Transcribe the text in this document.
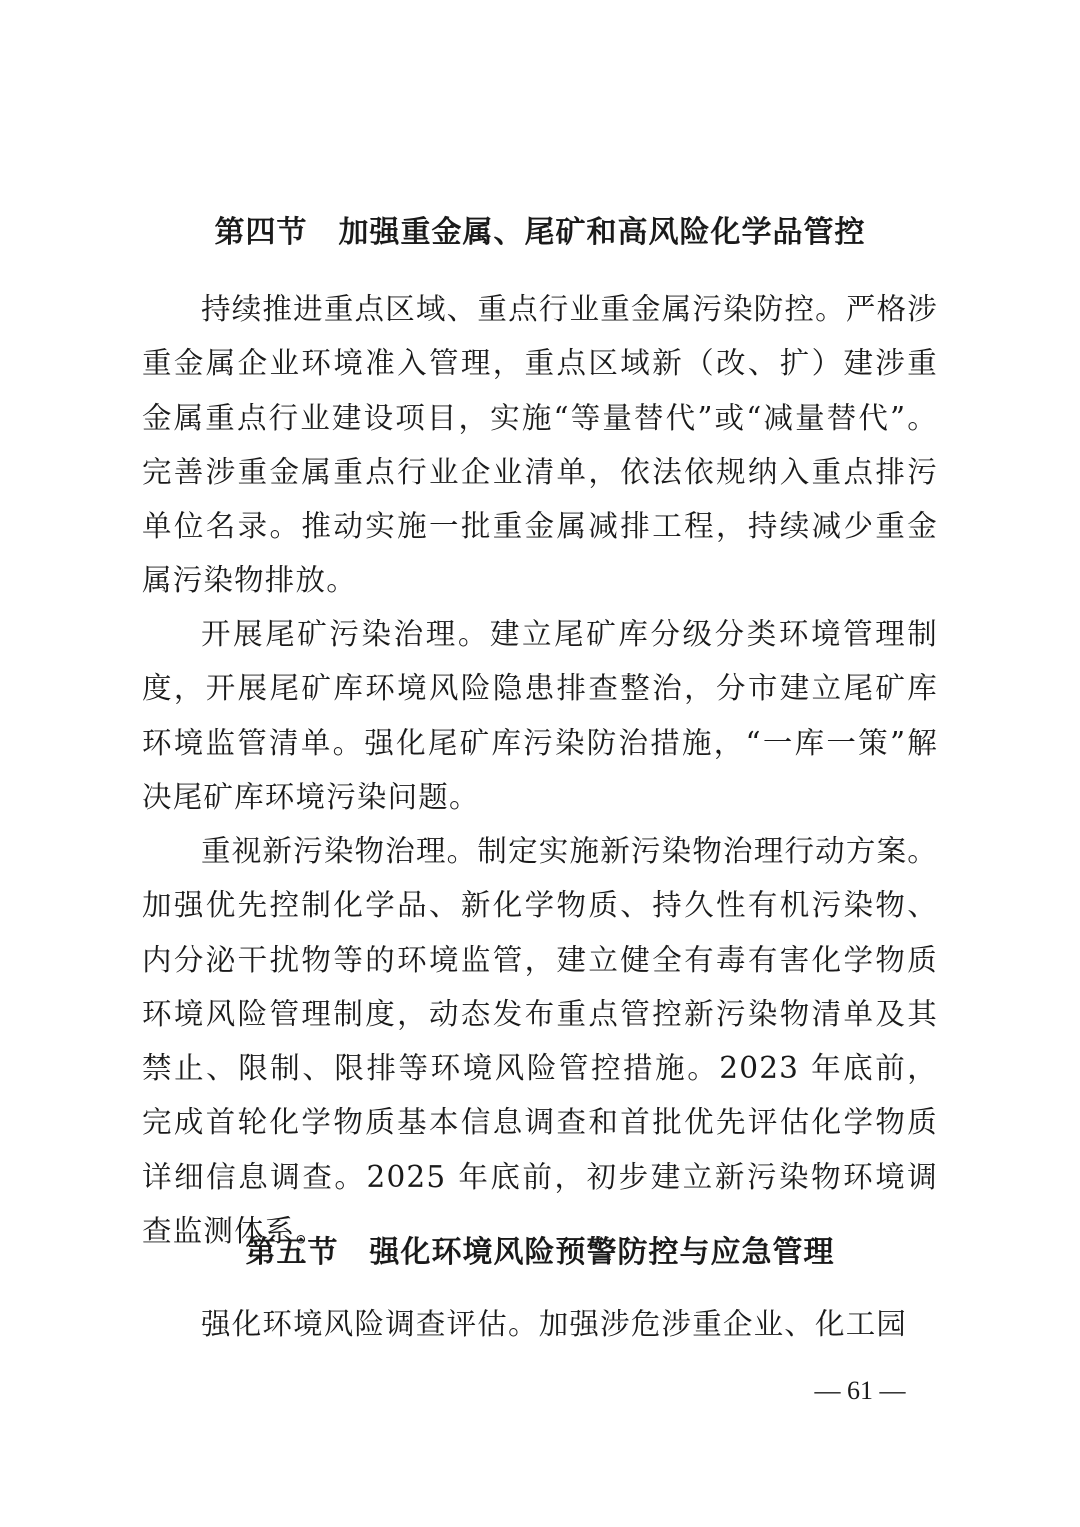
第四节　加强重金属、尾矿和高风险化学品管控

持续推进重点区域、重点行业重金属污染防控。严格涉重金属企业环境准入管理，重点区域新（改、扩）建涉重金属重点行业建设项目，实施“等量替代”或“减量替代”。完善涉重金属重点行业企业清单，依法依规纳入重点排污单位名录。推动实施一批重金属减排工程，持续减少重金属污染物排放。

开展尾矿污染治理。建立尾矿库分级分类环境管理制度，开展尾矿库环境风险隐患排查整治，分市建立尾矿库环境监管清单。强化尾矿库污染防治措施，“一库一策”解决尾矿库环境污染问题。

重视新污染物治理。制定实施新污染物治理行动方案。加强优先控制化学品、新化学物质、持久性有机污染物、内分泌干扰物等的环境监管，建立健全有毒有害化学物质环境风险管理制度，动态发布重点管控新污染物清单及其禁止、限制、限排等环境风险管控措施。2023 年底前，完成首轮化学物质基本信息调查和首批优先评估化学物质详细信息调查。2025 年底前，初步建立新污染物环境调查监测体系。

第五节　强化环境风险预警防控与应急管理

强化环境风险调查评估。加强涉危涉重企业、化工园

— 61 —
